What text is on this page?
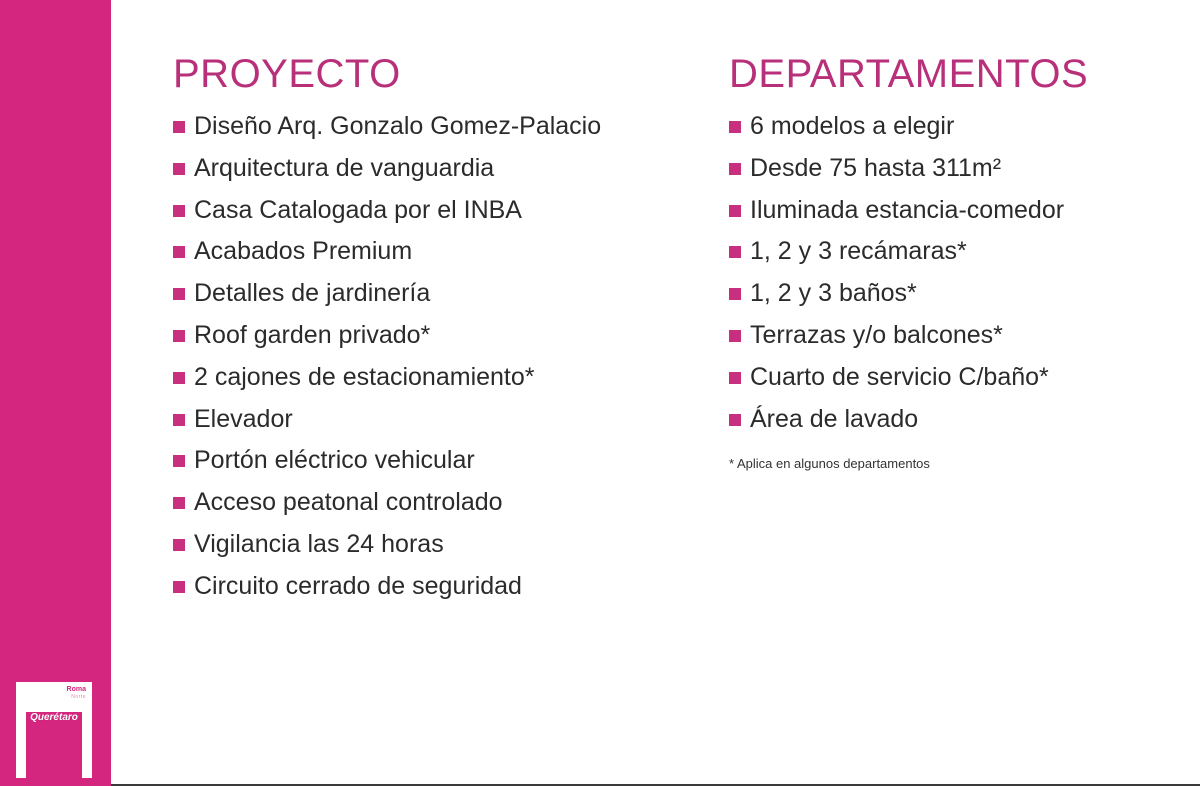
Roma
Norte
Querétaro
PROYECTO
Diseño Arq. Gonzalo Gomez-Palacio
Arquitectura de vanguardia
Casa Catalogada por el INBA
Acabados Premium
Detalles de jardinería
Roof garden privado*
2 cajones de estacionamiento*
Elevador
Portón eléctrico vehicular
Acceso peatonal controlado
Vigilancia las 24 horas
Circuito cerrado de seguridad
DEPARTAMENTOS
6 modelos a elegir
Desde 75 hasta 311m²
Iluminada estancia-comedor
1, 2 y 3 recámaras*
1, 2 y 3 baños*
Terrazas y/o balcones*
Cuarto de servicio C/baño*
Área de lavado
* Aplica en algunos departamentos
